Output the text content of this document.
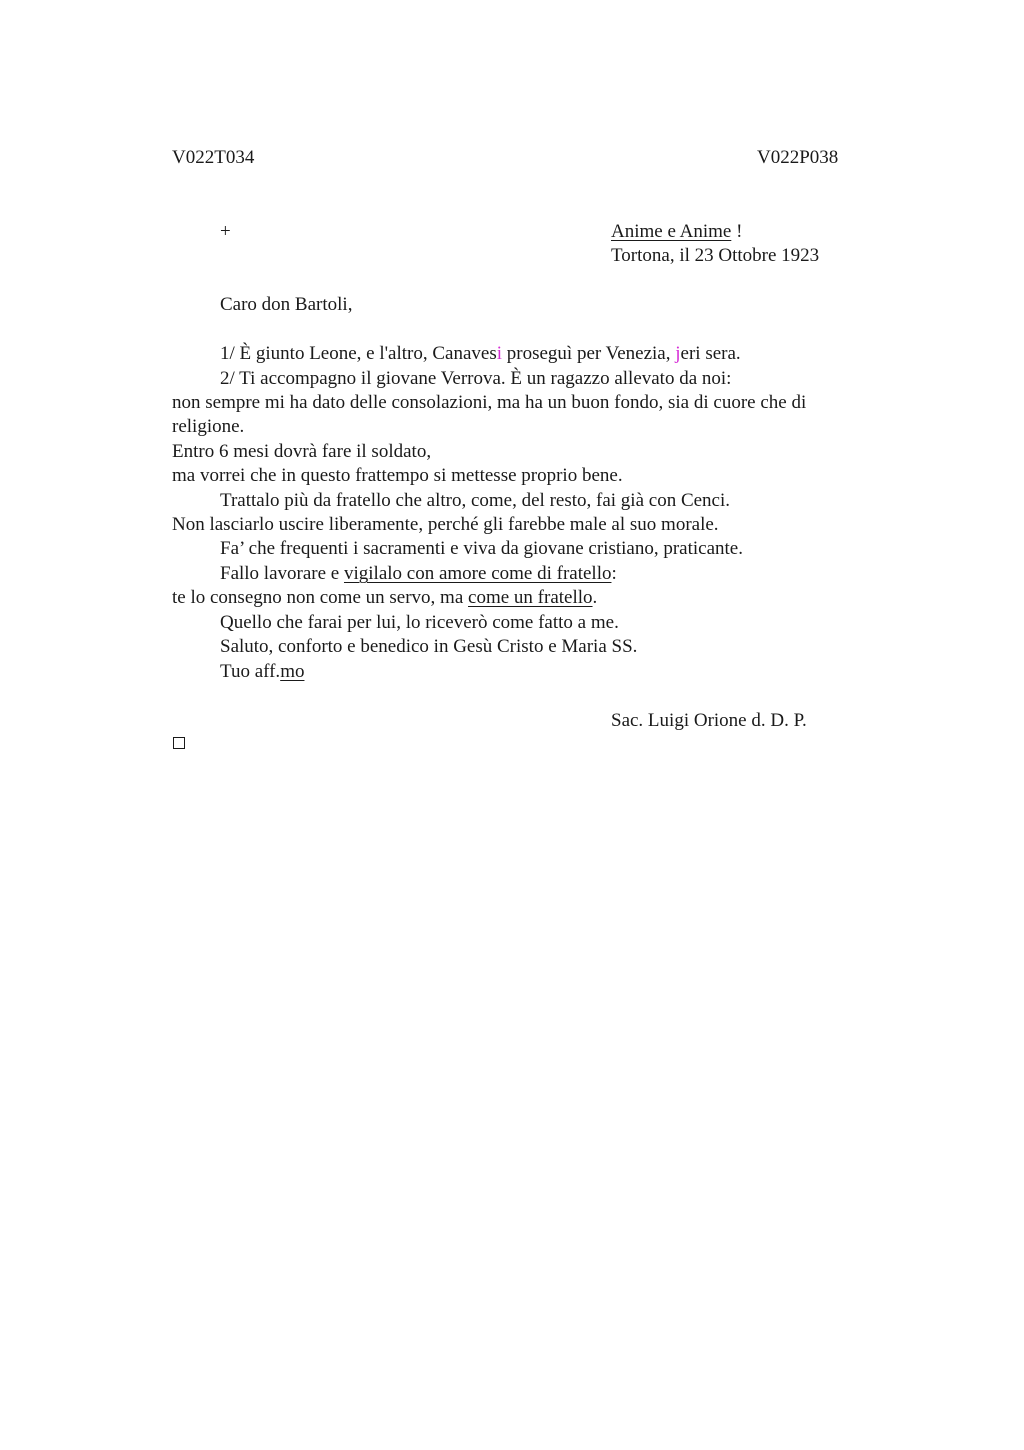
V022T034	V022P038
+	Anime e Anime !
Tortona, il 23 Ottobre 1923
Caro don Bartoli,
1/ È giunto Leone, e l'altro, Canavesi proseguì per Venezia, jeri sera.
2/ Ti accompagno il giovane Verrova. È un ragazzo allevato da noi:
non sempre mi ha dato delle consolazioni, ma ha un buon fondo, sia di cuore che di
religione.
Entro 6 mesi dovrà fare il soldato,
ma vorrei che in questo frattempo si mettesse proprio bene.
Trattalo più da fratello che altro, come, del resto, fai già con Cenci.
Non lasciarlo uscire liberamente, perché gli farebbe male al suo morale.
Fa’ che frequenti i sacramenti e viva da giovane cristiano, praticante.
Fallo lavorare e vigilalo con amore come di fratello:
te lo consegno non come un servo, ma come un fratello.
Quello che farai per lui, lo riceverò come fatto a me.
Saluto, conforto e benedico in Gesù Cristo e Maria SS.
Tuo aff.mo
Sac. Luigi Orione d. D. P.
